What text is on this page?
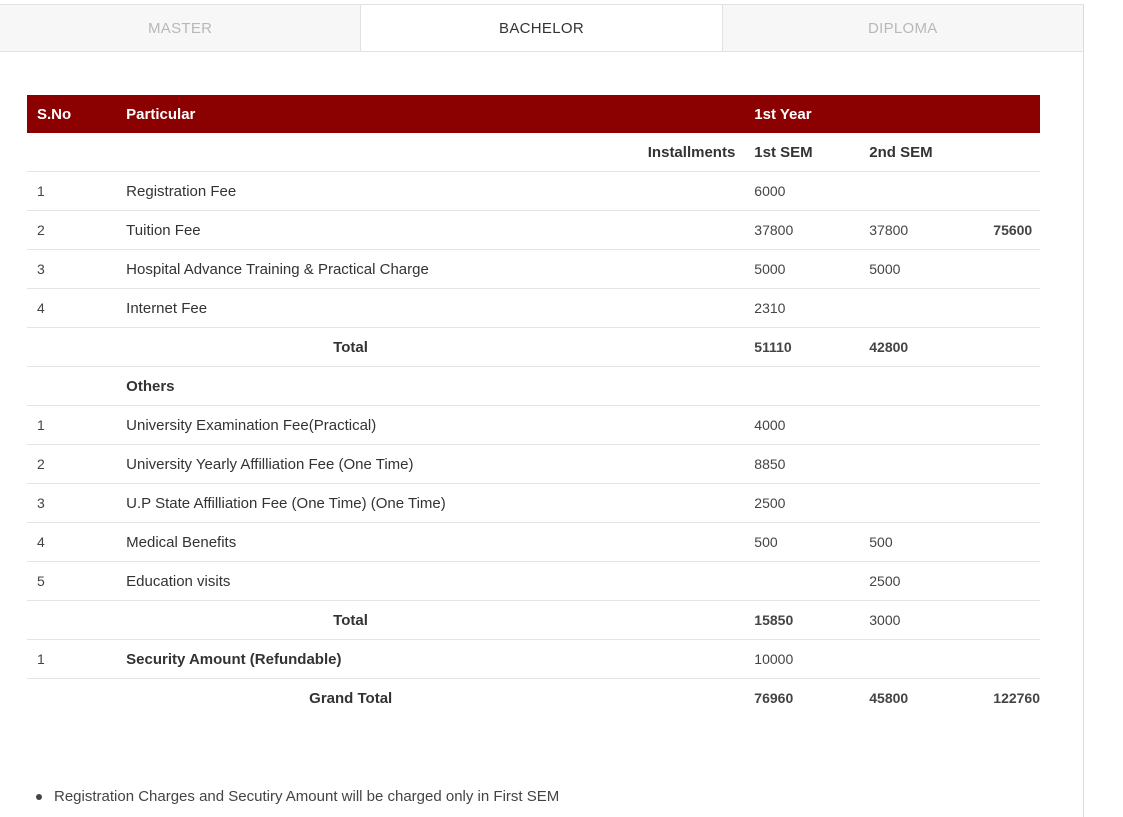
MASTER	BACHELOR	DIPLOMA
S.No	Particular	1st Year		
	Installments	1st SEM	2nd SEM	
1	Registration Fee	6000		
2	Tuition Fee	37800	37800	75600
3	Hospital Advance Training & Practical Charge	5000	5000	
4	Internet Fee	2310		
	Total	51110	42800	
	Others			
1	University Examination Fee(Practical)	4000		
2	University Yearly Affilliation Fee (One Time)	8850		
3	U.P State Affilliation Fee (One Time) (One Time)	2500		
4	Medical Benefits	500	500	
5	Education visits		2500	
	Total	15850	3000	
1	Security Amount (Refundable)	10000		
	Grand Total	76960	45800	122760
Registration Charges and Secutiry Amount will be charged only in First SEM
